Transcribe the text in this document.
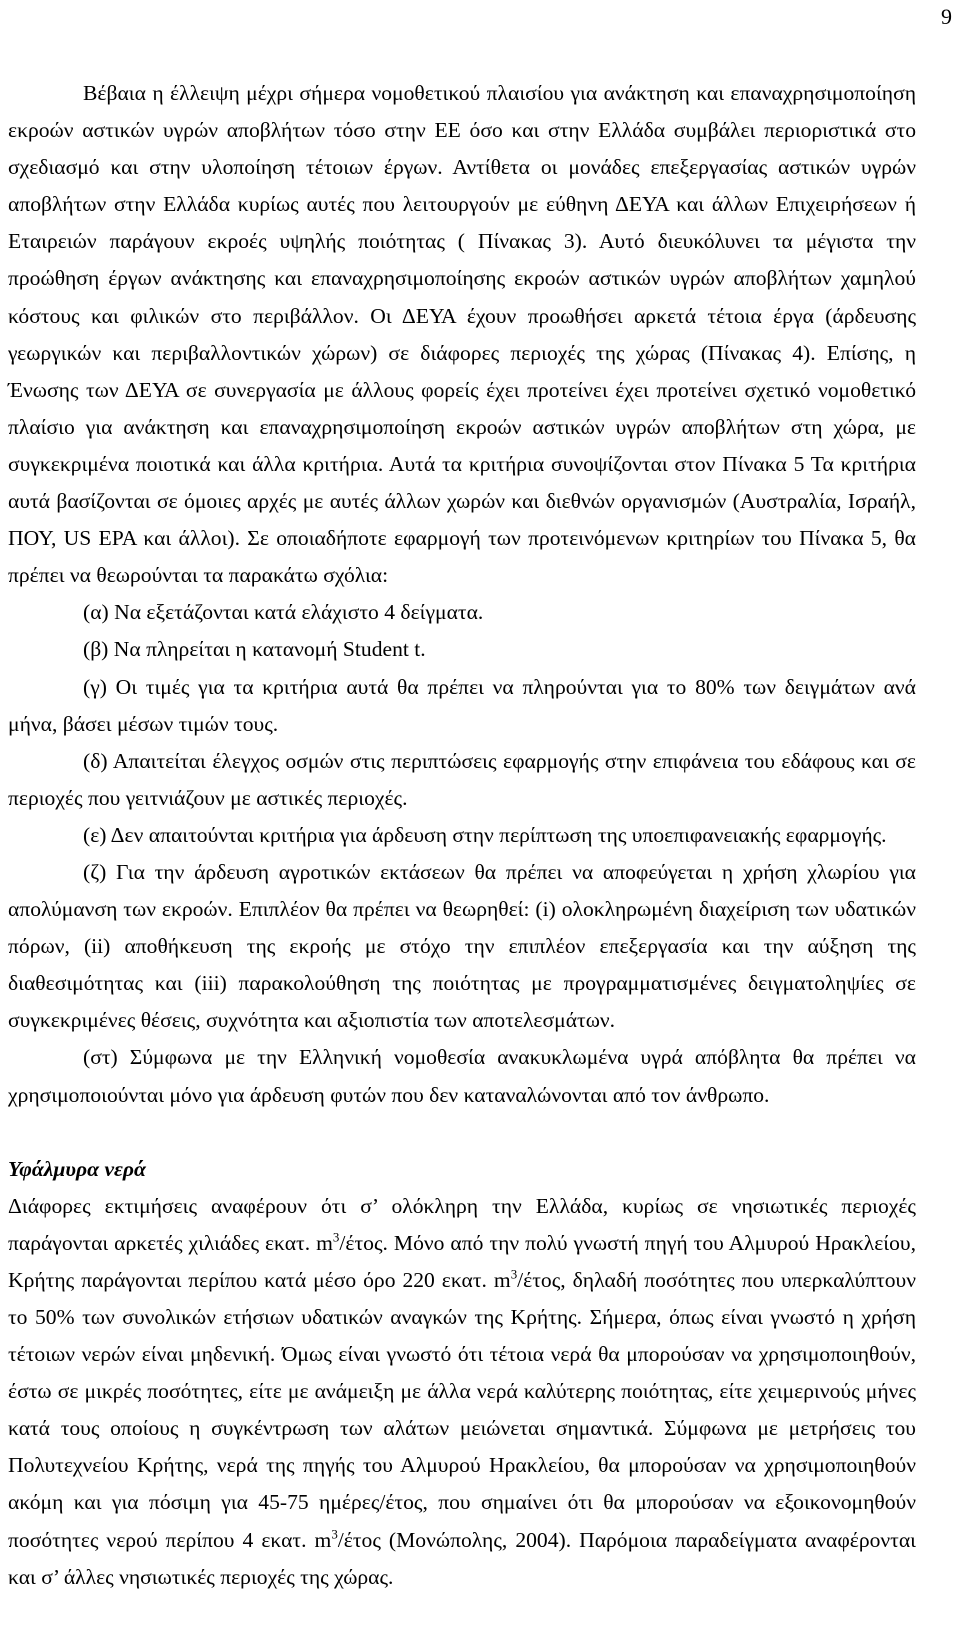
9

Βέβαια η έλλειψη μέχρι σήμερα νομοθετικού πλαισίου για ανάκτηση και επαναχρησιμοποίηση εκροών αστικών υγρών αποβλήτων τόσο στην ΕΕ όσο και στην Ελλάδα συμβάλει περιοριστικά στο σχεδιασμό και στην υλοποίηση τέτοιων έργων. Αντίθετα οι μονάδες επεξεργασίας αστικών υγρών αποβλήτων στην Ελλάδα κυρίως αυτές που λειτουργούν με εύθηνη ΔΕΥΑ και άλλων Επιχειρήσεων ή Εταιρειών παράγουν εκροές υψηλής ποιότητας ( Πίνακας 3). Αυτό διευκόλυνει τα μέγιστα την προώθηση έργων ανάκτησης και επαναχρησιμοποίησης εκροών αστικών υγρών αποβλήτων χαμηλού κόστους και φιλικών στο περιβάλλον. Οι ΔΕΥΑ έχουν προωθήσει αρκετά τέτοια έργα (άρδευσης γεωργικών και περιβαλλοντικών χώρων) σε διάφορες περιοχές της χώρας (Πίνακας 4). Επίσης, η Ένωσης των ΔΕΥΑ σε συνεργασία με άλλους φορείς έχει προτείνει έχει προτείνει σχετικό νομοθετικό πλαίσιο για ανάκτηση και επαναχρησιμοποίηση εκροών αστικών υγρών αποβλήτων στη χώρα, με συγκεκριμένα ποιοτικά και άλλα κριτήρια. Αυτά τα κριτήρια συνοψίζονται στον Πίνακα 5 Τα κριτήρια αυτά βασίζονται σε όμοιες αρχές με αυτές άλλων χωρών και διεθνών οργανισμών (Αυστραλία, Ισραήλ, ΠΟΥ, US EPA και άλλοι). Σε οποιαδήποτε εφαρμογή των προτεινόμενων κριτηρίων του Πίνακα 5, θα πρέπει να θεωρούνται τα παρακάτω σχόλια:

(α) Να εξετάζονται κατά ελάχιστο 4 δείγματα.

(β) Να πληρείται η κατανομή Student t.

(γ) Οι τιμές για τα κριτήρια αυτά θα πρέπει να πληρούνται για το 80% των δειγμάτων ανά μήνα, βάσει μέσων τιμών τους.

(δ) Απαιτείται έλεγχος οσμών στις περιπτώσεις εφαρμογής στην επιφάνεια του εδάφους και σε περιοχές που γειτνιάζουν με αστικές περιοχές.

(ε) Δεν απαιτούνται κριτήρια για άρδευση στην περίπτωση της υποεπιφανειακής εφαρμογής.

(ζ) Για την άρδευση αγροτικών εκτάσεων θα πρέπει να αποφεύγεται η χρήση χλωρίου για απολύμανση των εκροών. Επιπλέον θα πρέπει να θεωρηθεί: (i) ολοκληρωμένη διαχείριση των υδατικών πόρων, (ii) αποθήκευση της εκροής με στόχο την επιπλέον επεξεργασία και την αύξηση της διαθεσιμότητας και (iii) παρακολούθηση της ποιότητας με προγραμματισμένες δειγματοληψίες σε συγκεκριμένες θέσεις, συχνότητα και αξιοπιστία των αποτελεσμάτων.

(στ) Σύμφωνα με την Ελληνική νομοθεσία ανακυκλωμένα υγρά απόβλητα θα πρέπει να χρησιμοποιούνται μόνο για άρδευση φυτών που δεν καταναλώνονται από τον άνθρωπο.

Υφάλμυρα νερά

Διάφορες εκτιμήσεις αναφέρουν ότι σ’ ολόκληρη την Ελλάδα, κυρίως σε νησιωτικές περιοχές παράγονται αρκετές χιλιάδες εκατ. $m^3$/έτος. Μόνο από την πολύ γνωστή πηγή του Αλμυρού Ηρακλείου, Κρήτης παράγονται περίπου κατά μέσο όρο 220 εκατ. $m^3$/έτος, δηλαδή ποσότητες που υπερκαλύπτουν το 50% των συνολικών ετήσιων υδατικών αναγκών της Κρήτης. Σήμερα, όπως είναι γνωστό η χρήση τέτοιων νερών είναι μηδενική. Όμως είναι γνωστό ότι τέτοια νερά θα μπορούσαν να χρησιμοποιηθούν, έστω σε μικρές ποσότητες, είτε με ανάμειξη με άλλα νερά καλύτερης ποιότητας, είτε χειμερινούς μήνες κατά τους οποίους η συγκέντρωση των αλάτων μειώνεται σημαντικά. Σύμφωνα με μετρήσεις του Πολυτεχνείου Κρήτης, νερά της πηγής του Αλμυρού Ηρακλείου, θα μπορούσαν να χρησιμοποιηθούν ακόμη και για πόσιμη για 45-75 ημέρες/έτος, που σημαίνει ότι θα μπορούσαν να εξοικονομηθούν ποσότητες νερού περίπου 4 εκατ. $m^3$/έτος (Μονώπολης, 2004). Παρόμοια παραδείγματα αναφέρονται και σ’ άλλες νησιωτικές περιοχές της χώρας.
